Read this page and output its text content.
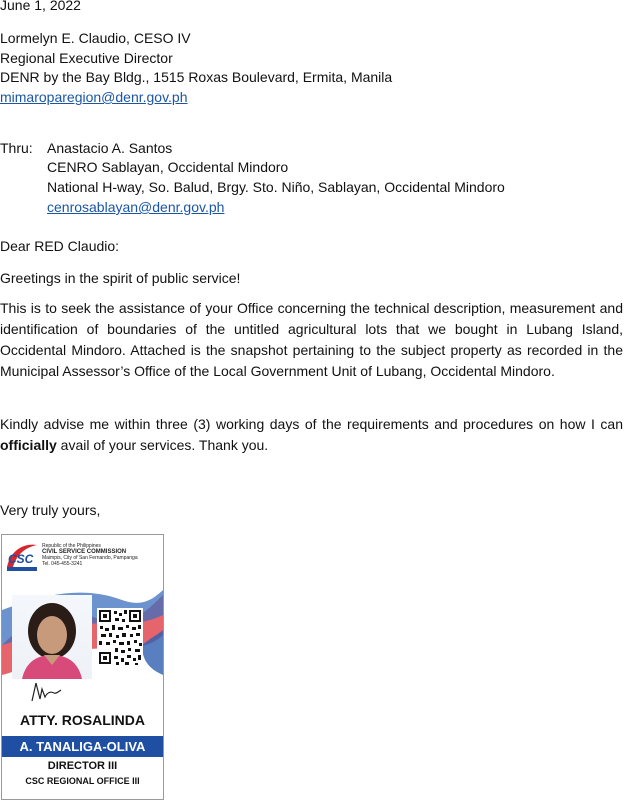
June 1, 2022
Lormelyn E. Claudio, CESO IV
Regional Executive Director
DENR by the Bay Bldg., 1515 Roxas Boulevard, Ermita, Manila
mimaroparegion@denr.gov.ph
Thru: Anastacio A. Santos
CENRO Sablayan, Occidental Mindoro
National H-way, So. Balud, Brgy. Sto. Niño, Sablayan, Occidental Mindoro
cenrosablayan@denr.gov.ph
Dear RED Claudio:
Greetings in the spirit of public service!
This is to seek the assistance of your Office concerning the technical description, measurement and identification of boundaries of the untitled agricultural lots that we bought in Lubang Island, Occidental Mindoro. Attached is the snapshot pertaining to the subject property as recorded in the Municipal Assessor’s Office of the Local Government Unit of Lubang, Occidental Mindoro.
Kindly advise me within three (3) working days of the requirements and procedures on how I can officially avail of your services. Thank you.
Very truly yours,
CSC
Republic of the Philippines
CIVIL SERVICE COMMISSION
Maimpis, City of San Fernando, Pampanga
Tel. 045-455-3241
ATTY. ROSALINDA
A. TANALIGA-OLIVA
DIRECTOR III
CSC REGIONAL OFFICE III
